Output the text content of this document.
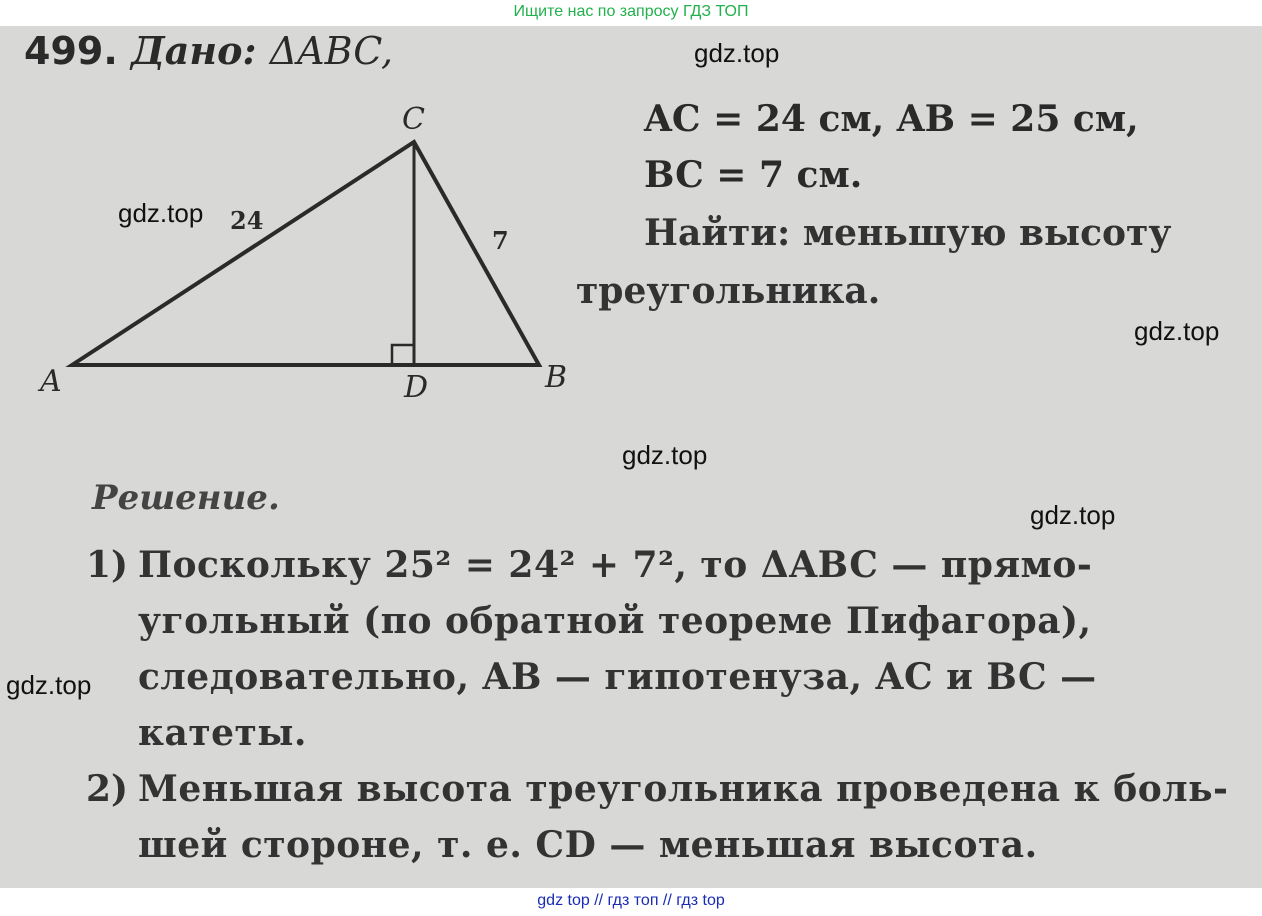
Ищите нас по запросу ГДЗ ТОП
499. Дано: ΔABC,
AC = 24 см, AB = 25 см,
BC = 7 см.
Найти: меньшую высоту
треугольника.
C
A	D	B
24
7
Решение.
1) Поскольку 25² = 24² + 7², то ΔABC — прямо-
угольный (по обратной теореме Пифагора),
следовательно, AB — гипотенуза, AC и BC —
катеты.
2) Меньшая высота треугольника проведена к боль-
шей стороне, т. е. CD — меньшая высота.
gdz.top
gdz.top
gdz.top
gdz.top
gdz.top
gdz.top
gdz top // гдз топ // гдз top
